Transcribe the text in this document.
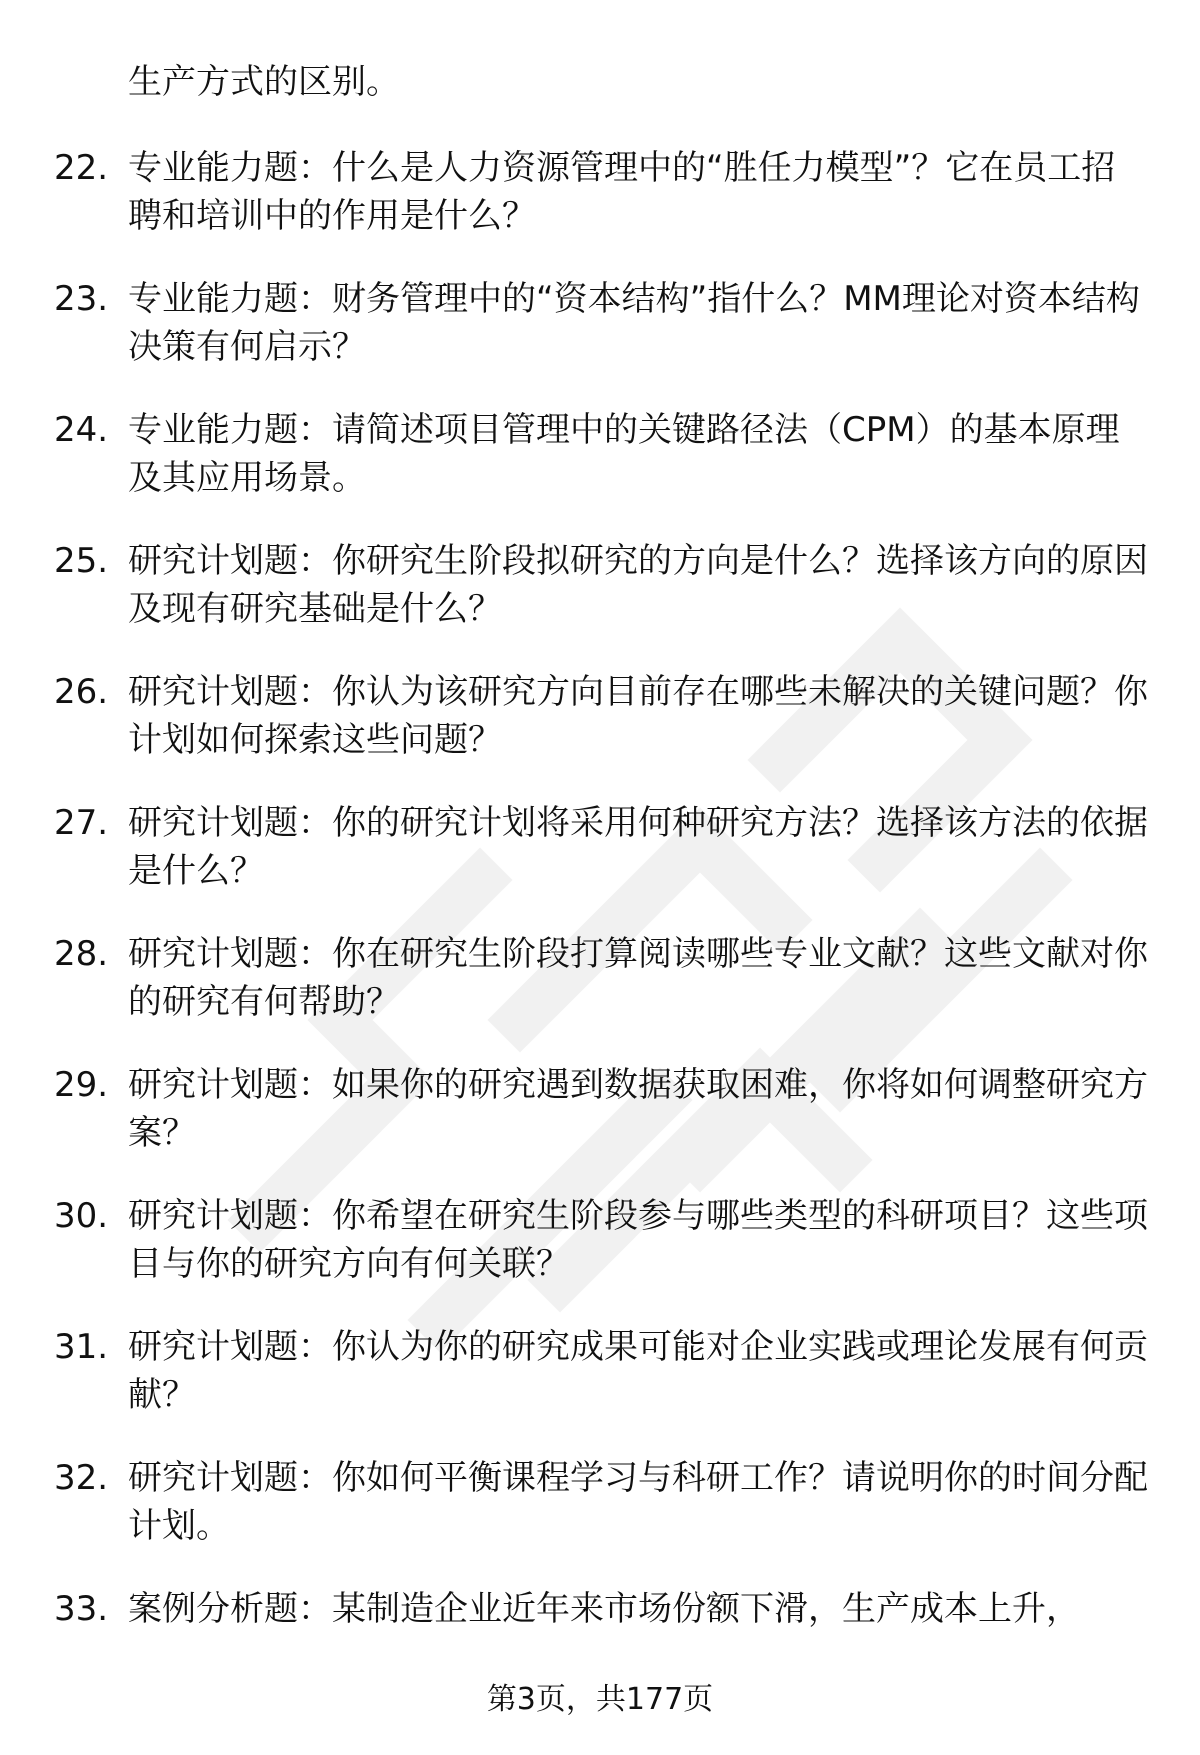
生产方式的区别。

22. 专业能力题：什么是人力资源管理中的“胜任力模型”？它在员工招聘和培训中的作用是什么？

23. 专业能力题：财务管理中的“资本结构”指什么？MM理论对资本结构决策有何启示？

24. 专业能力题：请简述项目管理中的关键路径法（CPM）的基本原理及其应用场景。

25. 研究计划题：你研究生阶段拟研究的方向是什么？选择该方向的原因及现有研究基础是什么？

26. 研究计划题：你认为该研究方向目前存在哪些未解决的关键问题？你计划如何探索这些问题？

27. 研究计划题：你的研究计划将采用何种研究方法？选择该方法的依据是什么？

28. 研究计划题：你在研究生阶段打算阅读哪些专业文献？这些文献对你的研究有何帮助？

29. 研究计划题：如果你的研究遇到数据获取困难，你将如何调整研究方案？

30. 研究计划题：你希望在研究生阶段参与哪些类型的科研项目？这些项目与你的研究方向有何关联？

31. 研究计划题：你认为你的研究成果可能对企业实践或理论发展有何贡献？

32. 研究计划题：你如何平衡课程学习与科研工作？请说明你的时间分配计划。

33. 案例分析题：某制造企业近年来市场份额下滑，生产成本上升，

第3页，共177页
